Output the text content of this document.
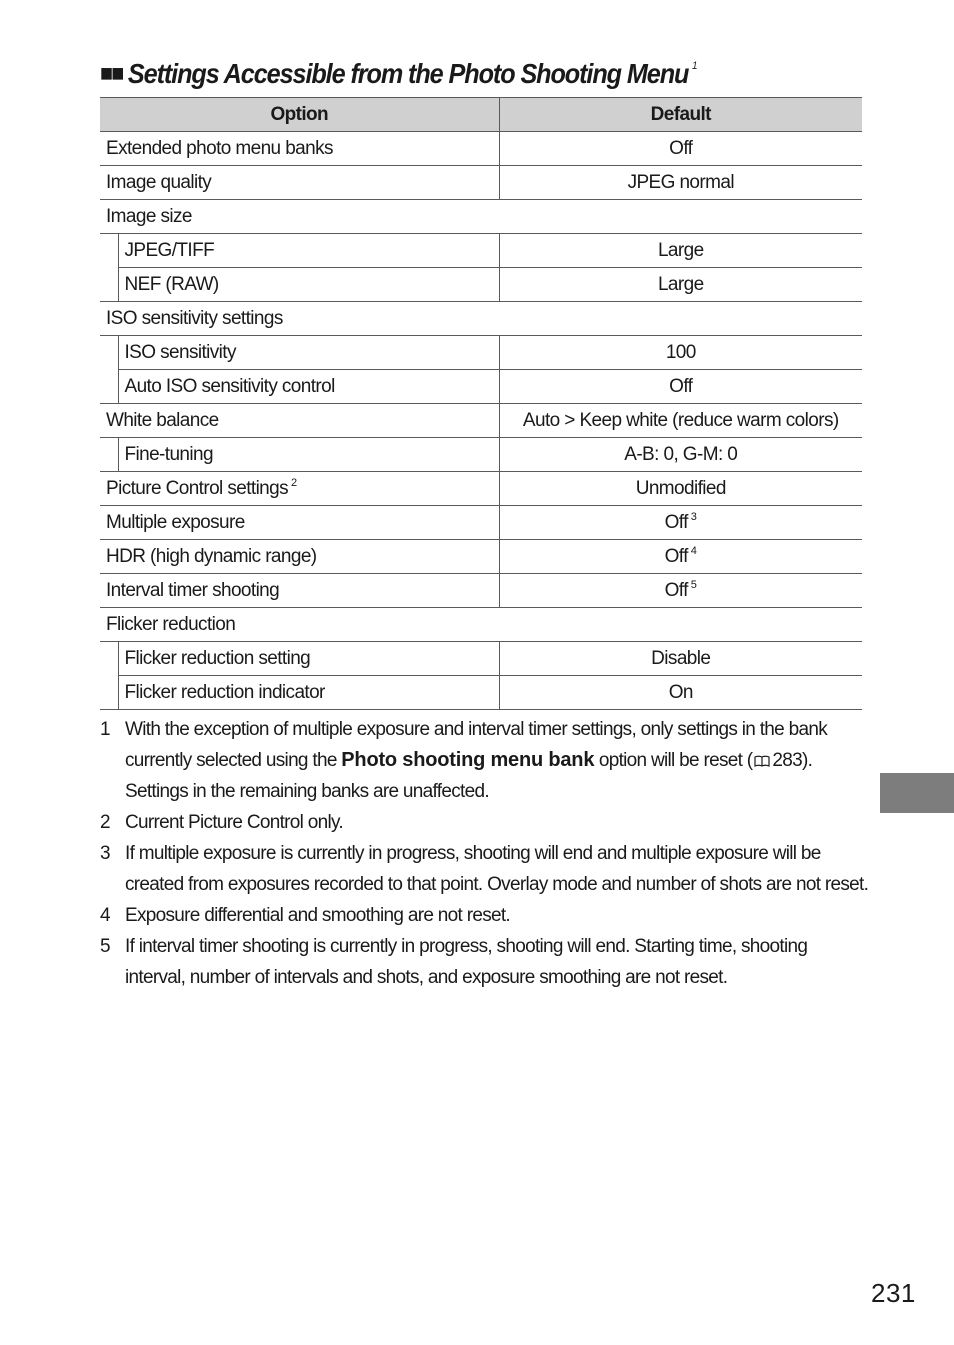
■■ Settings Accessible from the Photo Shooting Menu $^1$
Option		Default
Extended photo menu banks		Off
Image quality		JPEG normal
Image size		
	JPEG/TIFF	Large
	NEF (RAW)	Large
ISO sensitivity settings		
	ISO sensitivity	100
	Auto ISO sensitivity control	Off
White balance		Auto > Keep white (reduce warm colors)
	Fine-tuning	A-B: 0, G-M: 0
Picture Control settings $^2$		Unmodified
Multiple exposure		Off $^3$
HDR (high dynamic range)		Off $^4$
Interval timer shooting		Off $^5$
Flicker reduction		
	Flicker reduction setting	Disable
	Flicker reduction indicator	On
1 With the exception of multiple exposure and interval timer settings, only settings in the bank currently selected using the Photo shooting menu bank option will be reset ( 283). Settings in the remaining banks are unaffected.
2 Current Picture Control only.
3 If multiple exposure is currently in progress, shooting will end and multiple exposure will be created from exposures recorded to that point. Overlay mode and number of shots are not reset.
4 Exposure differential and smoothing are not reset.
5 If interval timer shooting is currently in progress, shooting will end. Starting time, shooting interval, number of intervals and shots, and exposure smoothing are not reset.
231
